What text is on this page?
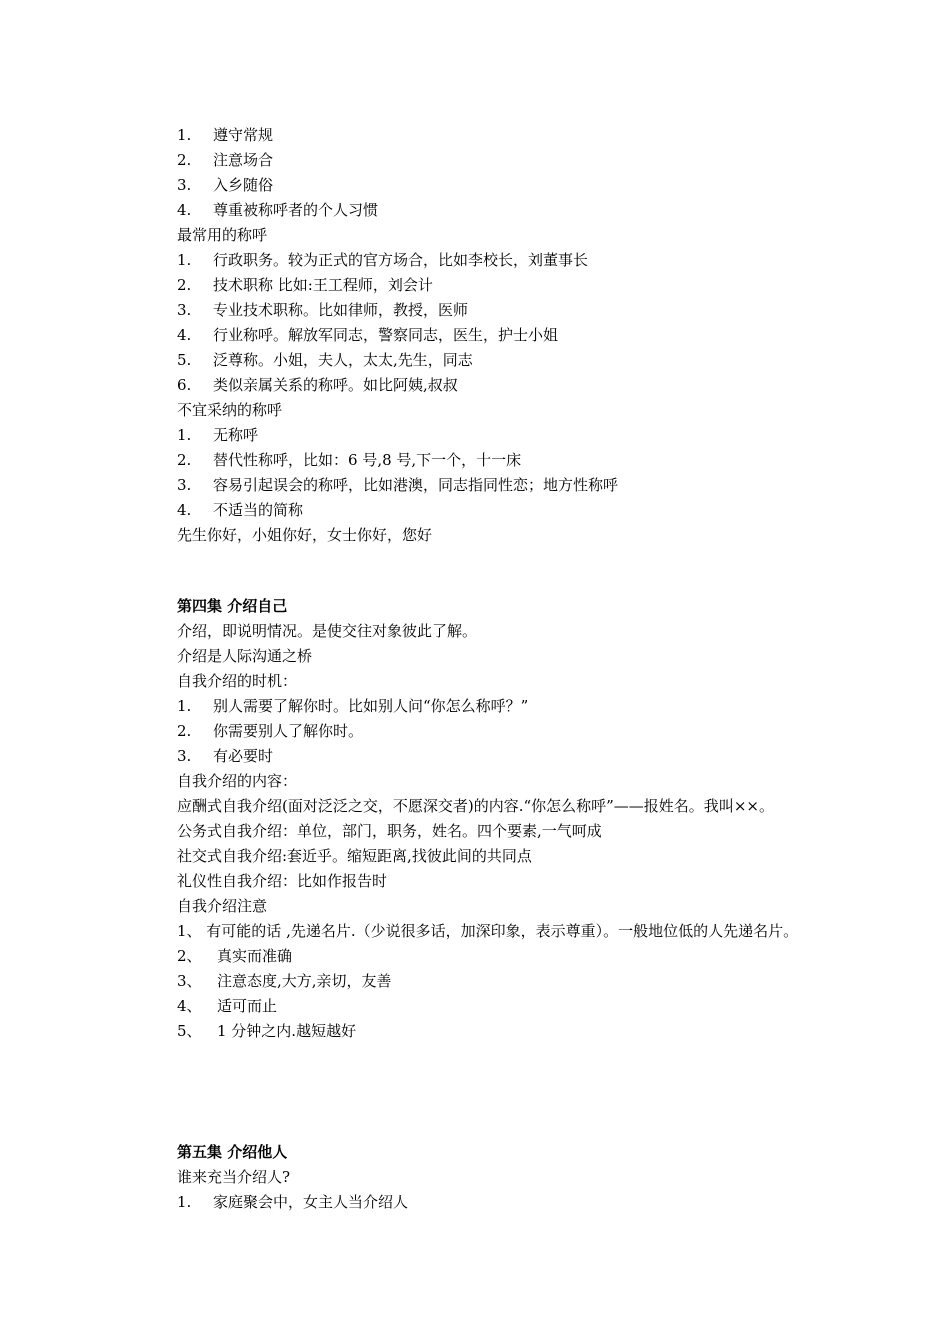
1. 遵守常规
2. 注意场合
3. 入乡随俗
4. 尊重被称呼者的个人习惯
最常用的称呼
1. 行政职务。较为正式的官方场合，比如李校长，刘董事长
2. 技术职称 比如:王工程师，刘会计
3. 专业技术职称。比如律师，教授，医师
4. 行业称呼。解放军同志，警察同志，医生，护士小姐
5. 泛尊称。小姐，夫人，太太,先生，同志
6. 类似亲属关系的称呼。如比阿姨,叔叔
不宜采纳的称呼
1. 无称呼
2. 替代性称呼，比如：6 号,8 号,下一个，十一床
3. 容易引起误会的称呼，比如港澳，同志指同性恋；地方性称呼
4. 不适当的简称
先生你好，小姐你好，女士你好，您好
第四集 介绍自己
介绍，即说明情况。是使交往对象彼此了解。
介绍是人际沟通之桥
自我介绍的时机：
1. 别人需要了解你时。比如别人问“你怎么称呼？”
2. 你需要别人了解你时。
3. 有必要时
自我介绍的内容：
应酬式自我介绍(面对泛泛之交，不愿深交者)的内容.“你怎么称呼”——报姓名。我叫××。
公务式自我介绍：单位，部门，职务，姓名。四个要素,一气呵成
社交式自我介绍:套近乎。缩短距离,找彼此间的共同点
礼仪性自我介绍：比如作报告时
自我介绍注意
1、 有可能的话 ,先递名片.（少说很多话，加深印象，表示尊重）。一般地位低的人先递名片。
2、 真实而准确
3、 注意态度,大方,亲切，友善
4、 适可而止
5、 1 分钟之内.越短越好
第五集 介绍他人
谁来充当介绍人?
1. 家庭聚会中，女主人当介绍人
